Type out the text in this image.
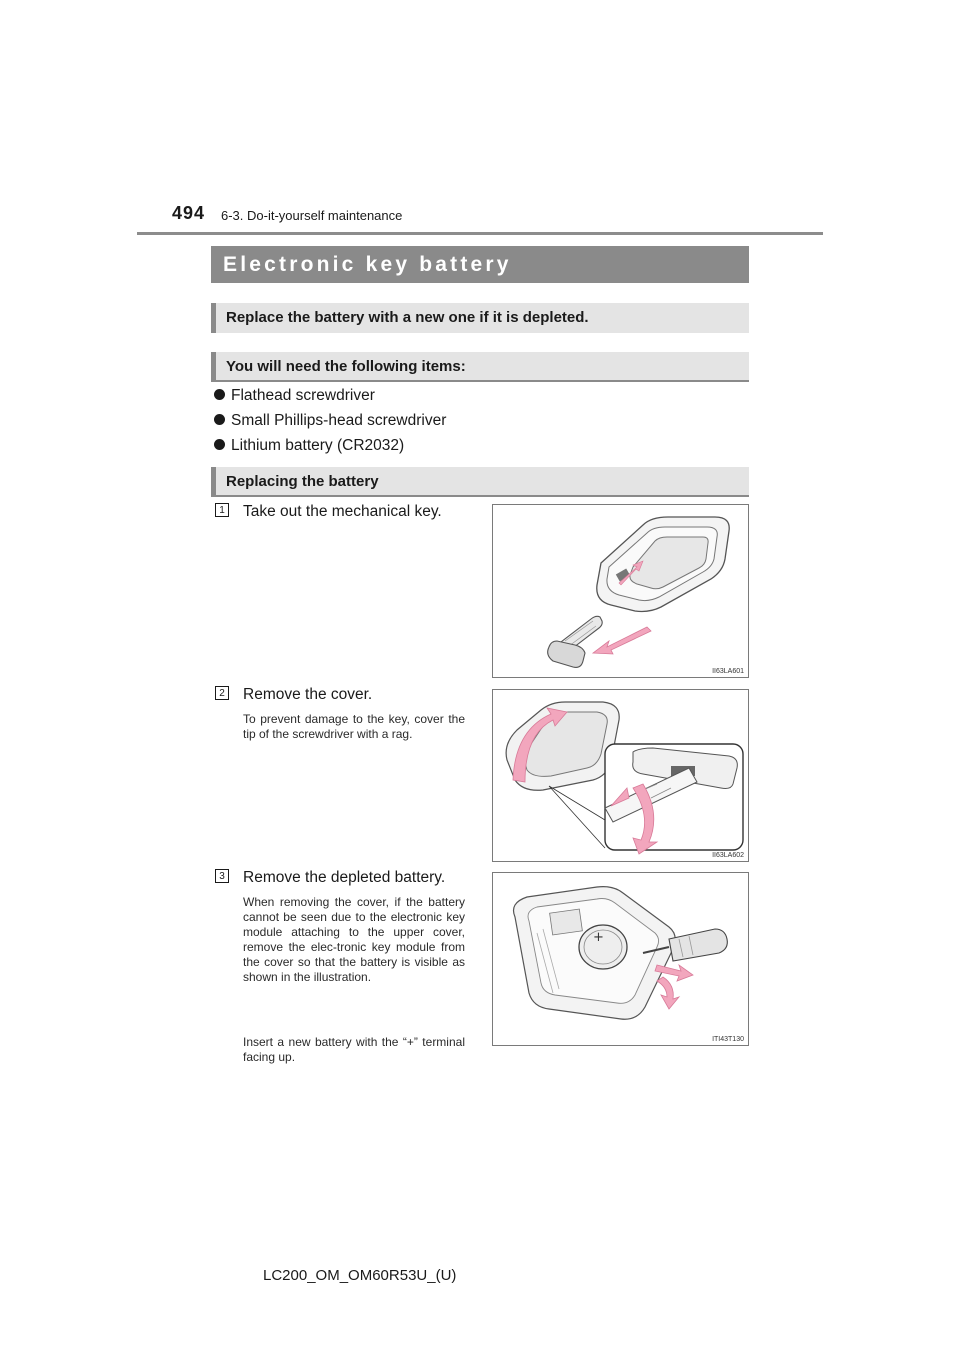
494 6-3. Do-it-yourself maintenance
Electronic key battery
Replace the battery with a new one if it is depleted.
You will need the following items:
Flathead screwdriver
Small Phillips-head screwdriver
Lithium battery (CR2032)
Replacing the battery
1 Take out the mechanical key.
II63LA601
2 Remove the cover.
To prevent damage to the key, cover the tip of the screwdriver with a rag.
II63LA602
3 Remove the depleted battery.
When removing the cover, if the battery cannot be seen due to the electronic key module attaching to the upper cover, remove the elec-tronic key module from the cover so that the battery is visible as shown in the illustration.
Insert a new battery with the “+” terminal facing up.
+
ITI43T130
LC200_OM_OM60R53U_(U)
